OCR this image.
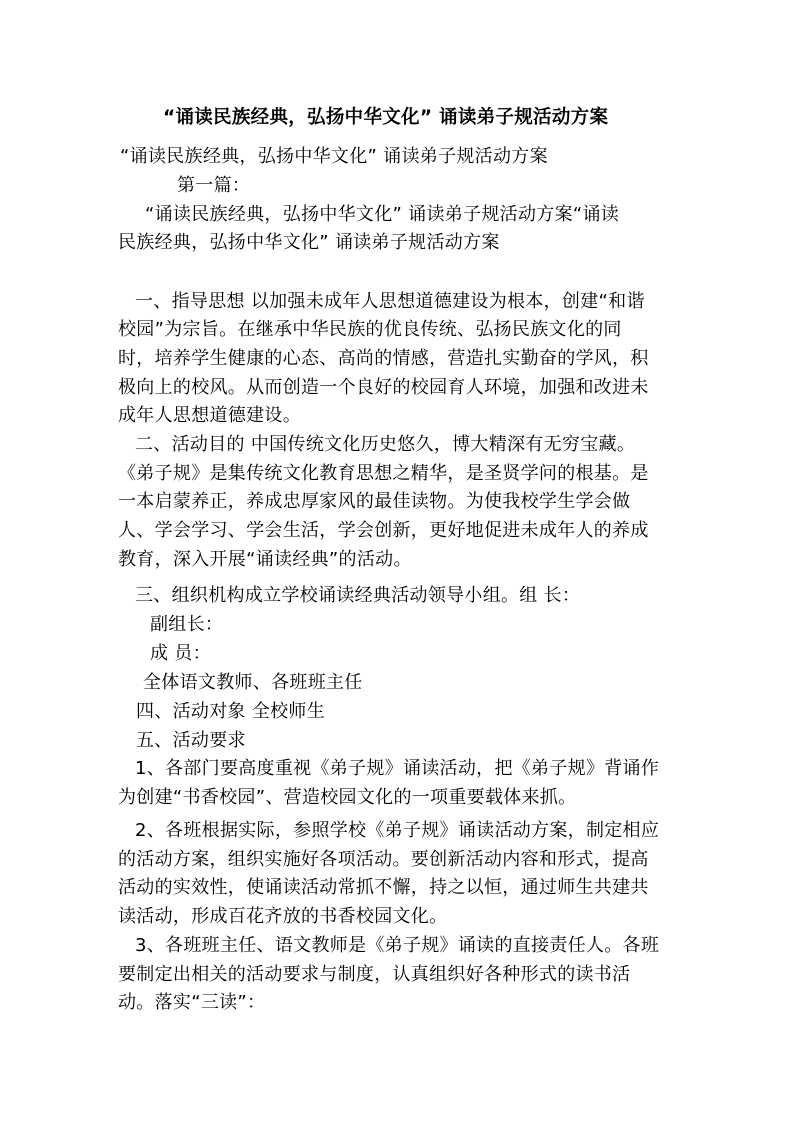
“诵读民族经典，弘扬中华文化” 诵读弟子规活动方案
“诵读民族经典，弘扬中华文化” 诵读弟子规活动方案
第一篇：
“诵读民族经典，弘扬中华文化” 诵读弟子规活动方案“诵读
民族经典，弘扬中华文化” 诵读弟子规活动方案
一、指导思想 以加强未成年人思想道德建设为根本，创建“和谐
校园”为宗旨。在继承中华民族的优良传统、弘扬民族文化的同
时，培养学生健康的心态、高尚的情感，营造扎实勤奋的学风，积
极向上的校风。从而创造一个良好的校园育人环境，加强和改进未
成年人思想道德建设。
二、活动目的 中国传统文化历史悠久，博大精深有无穷宝藏。
《弟子规》是集传统文化教育思想之精华，是圣贤学问的根基。是
一本启蒙养正，养成忠厚家风的最佳读物。为使我校学生学会做
人、学会学习、学会生活，学会创新，更好地促进未成年人的养成
教育，深入开展“诵读经典”的活动。
三、组织机构成立学校诵读经典活动领导小组。组 长：
副组长：
成 员：
全体语文教师、各班班主任
四、活动对象 全校师生
五、活动要求
1、各部门要高度重视《弟子规》诵读活动，把《弟子规》背诵作
为创建“书香校园”、营造校园文化的一项重要载体来抓。
2、各班根据实际，参照学校《弟子规》诵读活动方案，制定相应
的活动方案，组织实施好各项活动。要创新活动内容和形式，提高
活动的实效性，使诵读活动常抓不懈，持之以恒，通过师生共建共
读活动，形成百花齐放的书香校园文化。
3、各班班主任、语文教师是《弟子规》诵读的直接责任人。各班
要制定出相关的活动要求与制度，认真组织好各种形式的读书活
动。落实“三读”：
